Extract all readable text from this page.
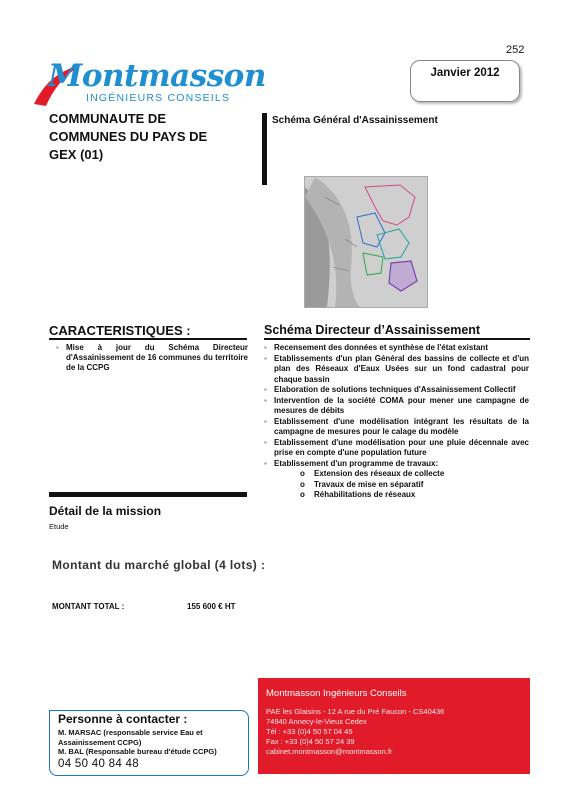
252
Montmasson
INGÉNIEURS CONSEILS
Janvier 2012
COMMUNAUTE DE
COMMUNES DU PAYS DE
GEX (01)
Schéma Général d'Assainissement
CARACTERISTIQUES :	Schéma Directeur d’Assainissement
▪ Mise à jour du Schéma Directeur d'Assainissement de 16 communes du territoire de la CCPG
▪ Recensement des données et synthèse de l'état existant
▪ Etablissements d'un plan Général des bassins de collecte et d'un plan des Réseaux d'Eaux Usées sur un fond cadastral pour chaque bassin
▪ Elaboration de solutions techniques d'Assainissement Collectif
▪ Intervention de la société COMA pour mener une campagne de mesures de débits
▪ Etablissement d'une modélisation intégrant les résultats de la campagne de mesures pour le calage du modèle
▪ Etablissement d'une modélisation pour une pluie décennale avec prise en compte d'une population future
▪ Etablissement d'un programme de travaux:
o Extension des réseaux de collecte
o Travaux de mise en séparatif
o Réhabilitations de réseaux
Détail de la mission
Etude
Montant du marché global (4 lots) :
MONTANT TOTAL :	155 600 € HT
Montmasson Ingénieurs Conseils
PAE les Glaisins - 12 A rue du Pré Faucon - CS40436
74940 Annecy-le-Vieux Cedex
Tél : +33 (0)4 50 57 04 45
Fax : +33 (0)4 50 57 24 39
cabinet.montmasson@montmasson.fr
Personne à contacter :
M. MARSAC (responsable service Eau et
Assainissement CCPG)
M. BAL (Responsable bureau d'étude CCPG)
04 50 40 84 48
